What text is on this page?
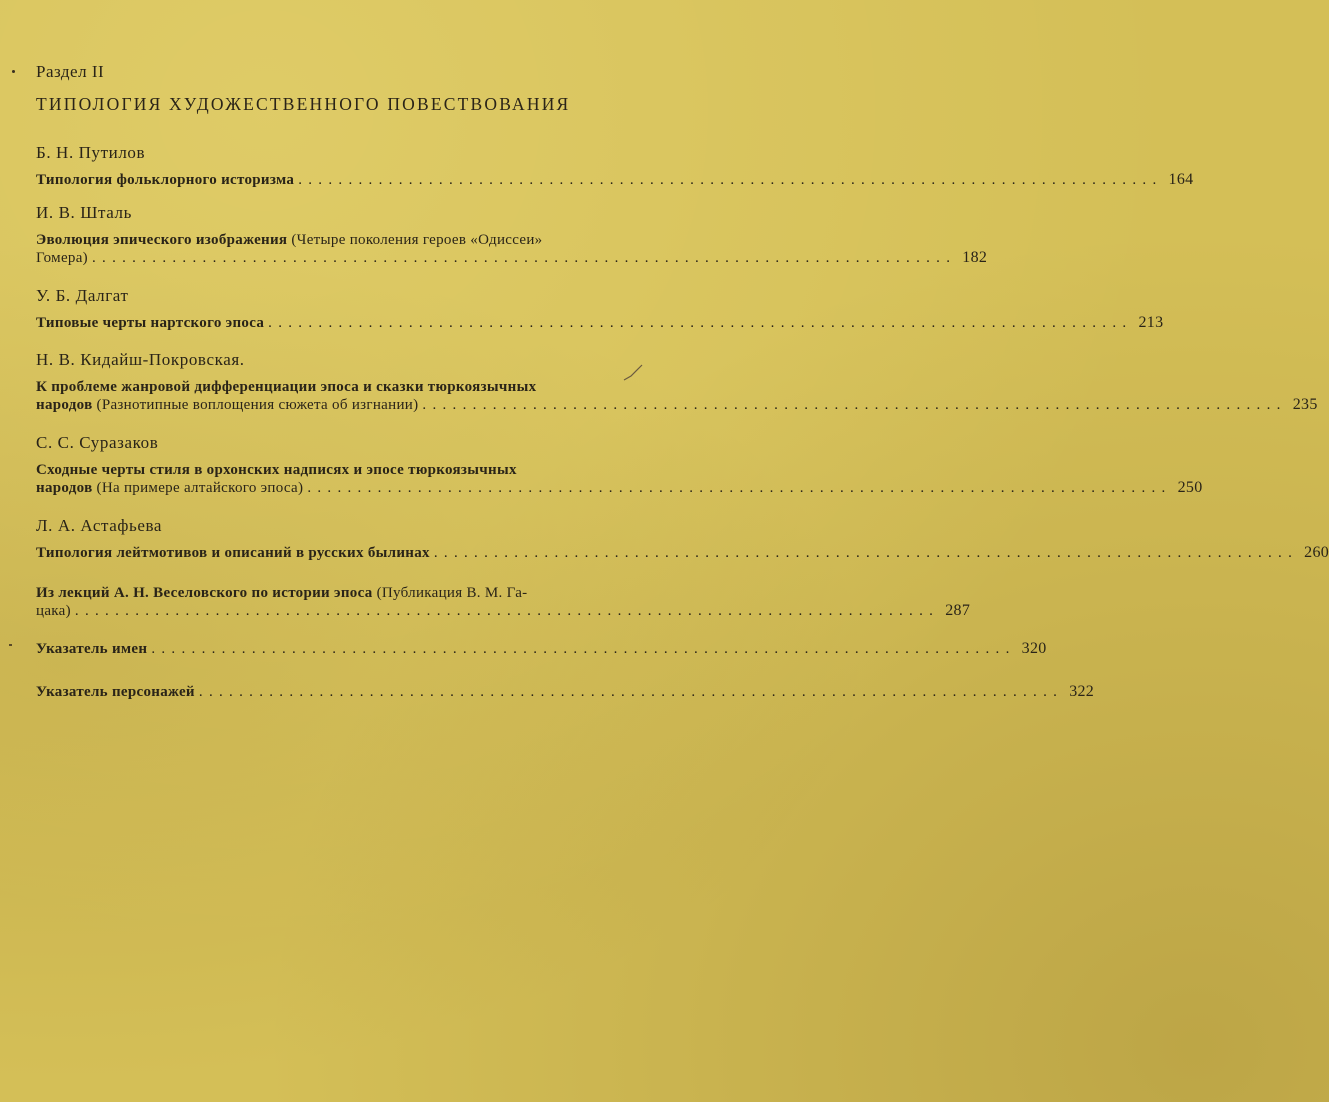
Раздел II
ТИПОЛОГИЯ ХУДОЖЕСТВЕННОГО ПОВЕСТВОВАНИЯ
Б. Н. Путилов
Типология фольклорного историзма ...................................................................................... 164
И. В. Шталь
Эволюция эпического изображения (Четыре поколения героев «Одиссеи»
Гомера) ...................................................................................... 182
У. Б. Далгат
Типовые черты нартского эпоса ...................................................................................... 213
Н. В. Кидайш-Покровская.
К проблеме жанровой дифференциации эпоса и сказки тюркоязычных
народов (Разнотипные воплощения сюжета об изгнании) ...................................................................................... 235
С. С. Суразаков
Сходные черты стиля в орхонских надписях и эпосе тюркоязычных
народов (На примере алтайского эпоса) ...................................................................................... 250
Л. А. Астафьева
Типология лейтмотивов и описаний в русских былинах ...................................................................................... 260
Из лекций А. Н. Веселовского по истории эпоса (Публикация В. М. Га-
цака) ...................................................................................... 287
Указатель имен ...................................................................................... 320
Указатель персонажей ...................................................................................... 322
